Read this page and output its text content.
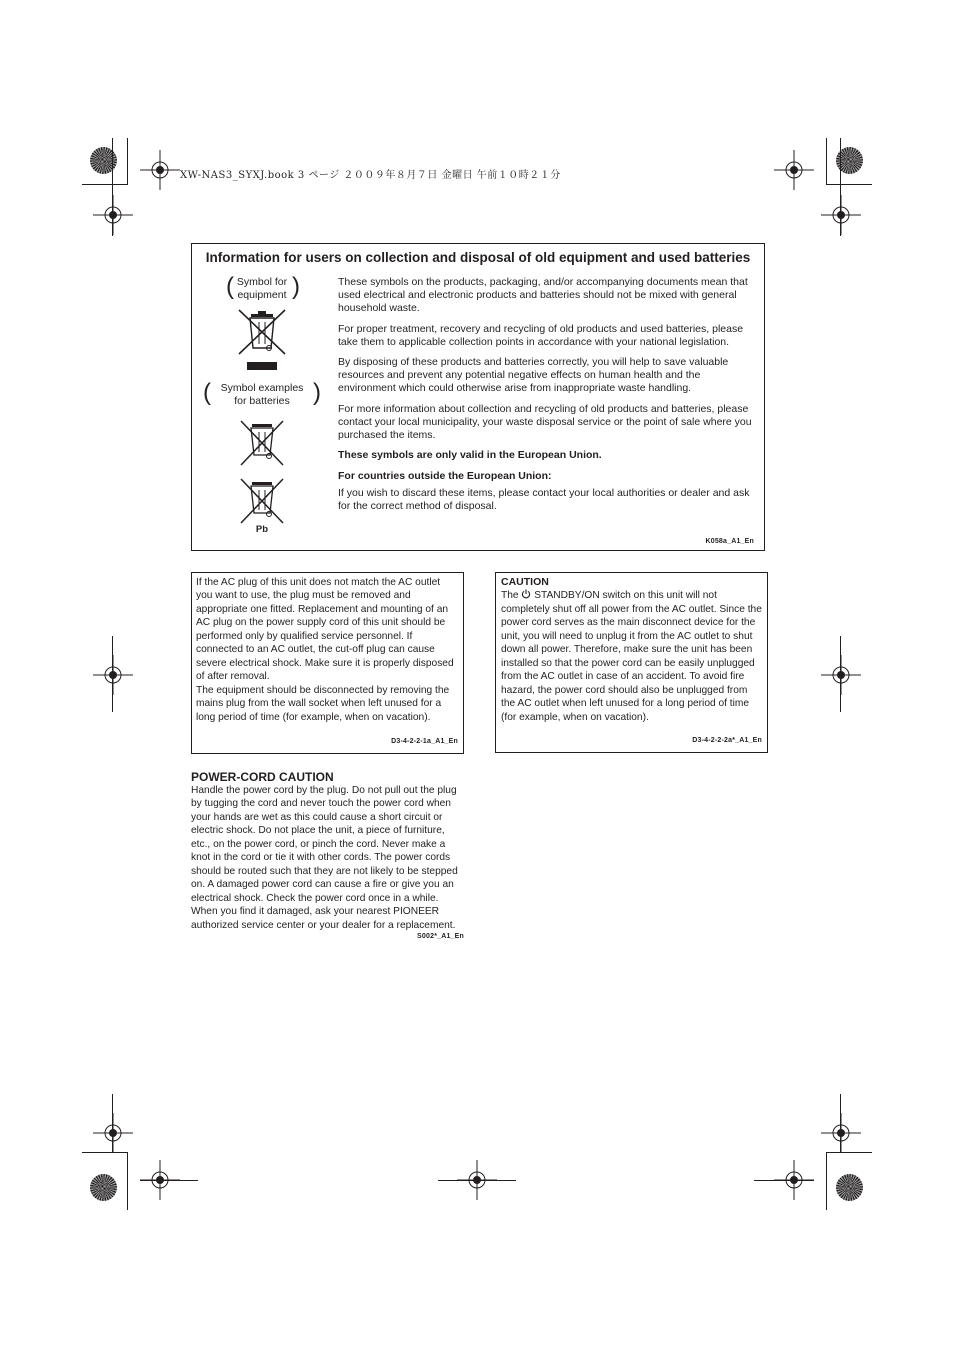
XW-NAS3_SYXJ.book 3 ページ ２００９年８月７日 金曜日 午前１０時２１分
Information for users on collection and disposal of old equipment and used batteries
( Symbol for
equipment )
( Symbol examples
for batteries )
Pb

These symbols on the products, packaging, and/or accompanying documents mean that used electrical and electronic products and batteries should not be mixed with general household waste.

For proper treatment, recovery and recycling of old products and used batteries, please take them to applicable collection points in accordance with your national legislation.

By disposing of these products and batteries correctly, you will help to save valuable resources and prevent any potential negative effects on human health and the environment which could otherwise arise from inappropriate waste handling.

For more information about collection and recycling of old products and batteries, please contact your local municipality, your waste disposal service or the point of sale where you purchased the items.

These symbols are only valid in the European Union.

For countries outside the European Union:

If you wish to discard these items, please contact your local authorities or dealer and ask for the correct method of disposal.

K058a_A1_En
If the AC plug of this unit does not match the AC outlet you want to use, the plug must be removed and appropriate one fitted. Replacement and mounting of an AC plug on the power supply cord of this unit should be performed only by qualified service personnel. If connected to an AC outlet, the cut-off plug can cause severe electrical shock. Make sure it is properly disposed of after removal.
The equipment should be disconnected by removing the mains plug from the wall socket when left unused for a long period of time (for example, when on vacation).
D3-4-2-2-1a_A1_En
CAUTION
The  STANDBY/ON switch on this unit will not completely shut off all power from the AC outlet. Since the power cord serves as the main disconnect device for the unit, you will need to unplug it from the AC outlet to shut down all power. Therefore, make sure the unit has been installed so that the power cord can be easily unplugged from the AC outlet in case of an accident. To avoid fire hazard, the power cord should also be unplugged from the AC outlet when left unused for a long period of time (for example, when on vacation).
D3-4-2-2-2a*_A1_En
POWER-CORD CAUTION
Handle the power cord by the plug. Do not pull out the plug by tugging the cord and never touch the power cord when your hands are wet as this could cause a short circuit or electric shock. Do not place the unit, a piece of furniture, etc., on the power cord, or pinch the cord. Never make a knot in the cord or tie it with other cords. The power cords should be routed such that they are not likely to be stepped on. A damaged power cord can cause a fire or give you an electrical shock. Check the power cord once in a while. When you find it damaged, ask your nearest PIONEER authorized service center or your dealer for a replacement.
S002*_A1_En
